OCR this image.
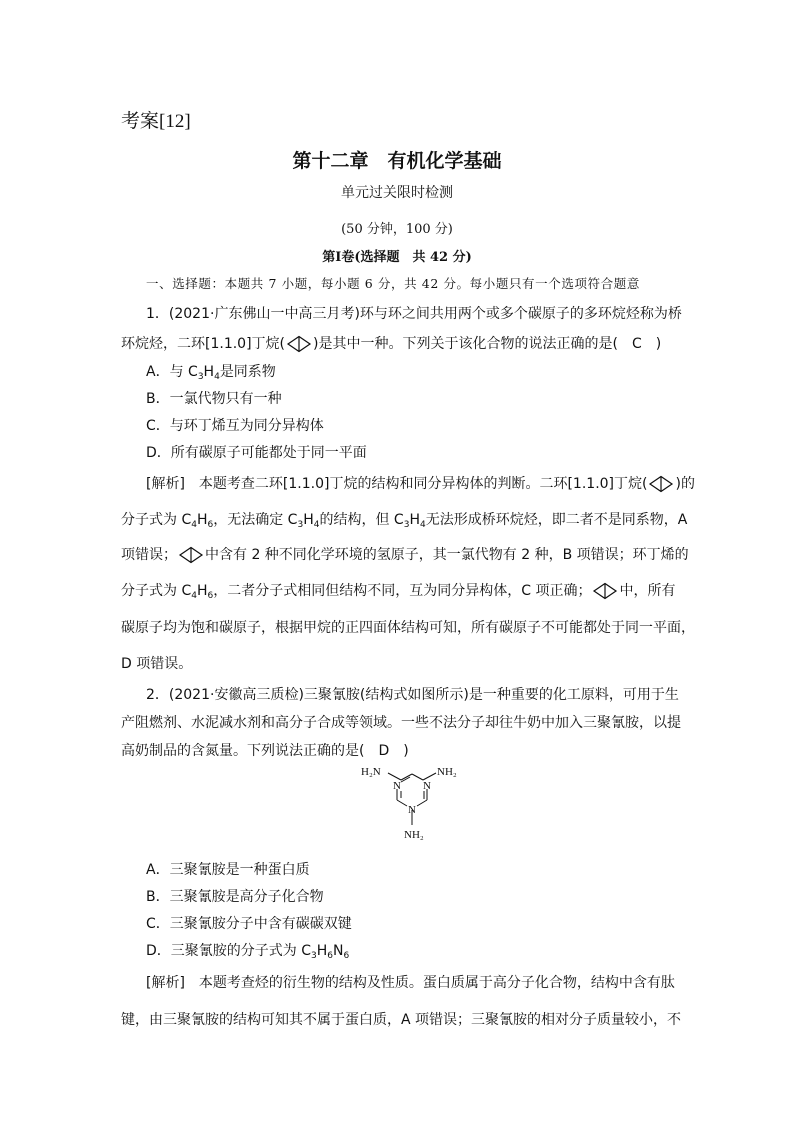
考案[12]
第十二章　有机化学基础
单元过关限时检测
(50 分钟，100 分)
第Ⅰ卷(选择题　共 42 分)
一、选择题：本题共 7 小题，每小题 6 分，共 42 分。每小题只有一个选项符合题意
1．(2021·广东佛山一中高三月考)环与环之间共用两个或多个碳原子的多环烷烃称为桥
环烷烃，二环[1.1.0]丁烷( )是其中一种。下列关于该化合物的说法正确的是( C )
A．与 $C_3H_4$是同系物
B．一氯代物只有一种
C．与环丁烯互为同分异构体
D．所有碳原子可能都处于同一平面
[解析]　本题考查二环[1.1.0]丁烷的结构和同分异构体的判断。二环[1.1.0]丁烷( )的
分子式为 $C_4H_6$，无法确定 $C_3H_4$的结构，但 $C_3H_4$无法形成桥环烷烃，即二者不是同系物，A
项错误； 中含有 2 种不同化学环境的氢原子，其一氯代物有 2 种，B 项错误；环丁烯的
分子式为 $C_4H_6$，二者分子式相同但结构不同，互为同分异构体，C 项正确； 中，所有
碳原子均为饱和碳原子，根据甲烷的正四面体结构可知，所有碳原子不可能都处于同一平面，
D 项错误。
2．(2021·安徽高三质检)三聚氰胺(结构式如图所示)是一种重要的化工原料，可用于生
产阻燃剂、水泥减水剂和高分子合成等领域。一些不法分子却往牛奶中加入三聚氰胺，以提
高奶制品的含氮量。下列说法正确的是( D )
H₂N	NH₂
NH₂
N
N
N
A．三聚氰胺是一种蛋白质
B．三聚氰胺是高分子化合物
C．三聚氰胺分子中含有碳碳双键
D．三聚氰胺的分子式为 $C_3H_6N_6$
[解析]　本题考查烃的衍生物的结构及性质。蛋白质属于高分子化合物，结构中含有肽
键，由三聚氰胺的结构可知其不属于蛋白质，A 项错误；三聚氰胺的相对分子质量较小，不
